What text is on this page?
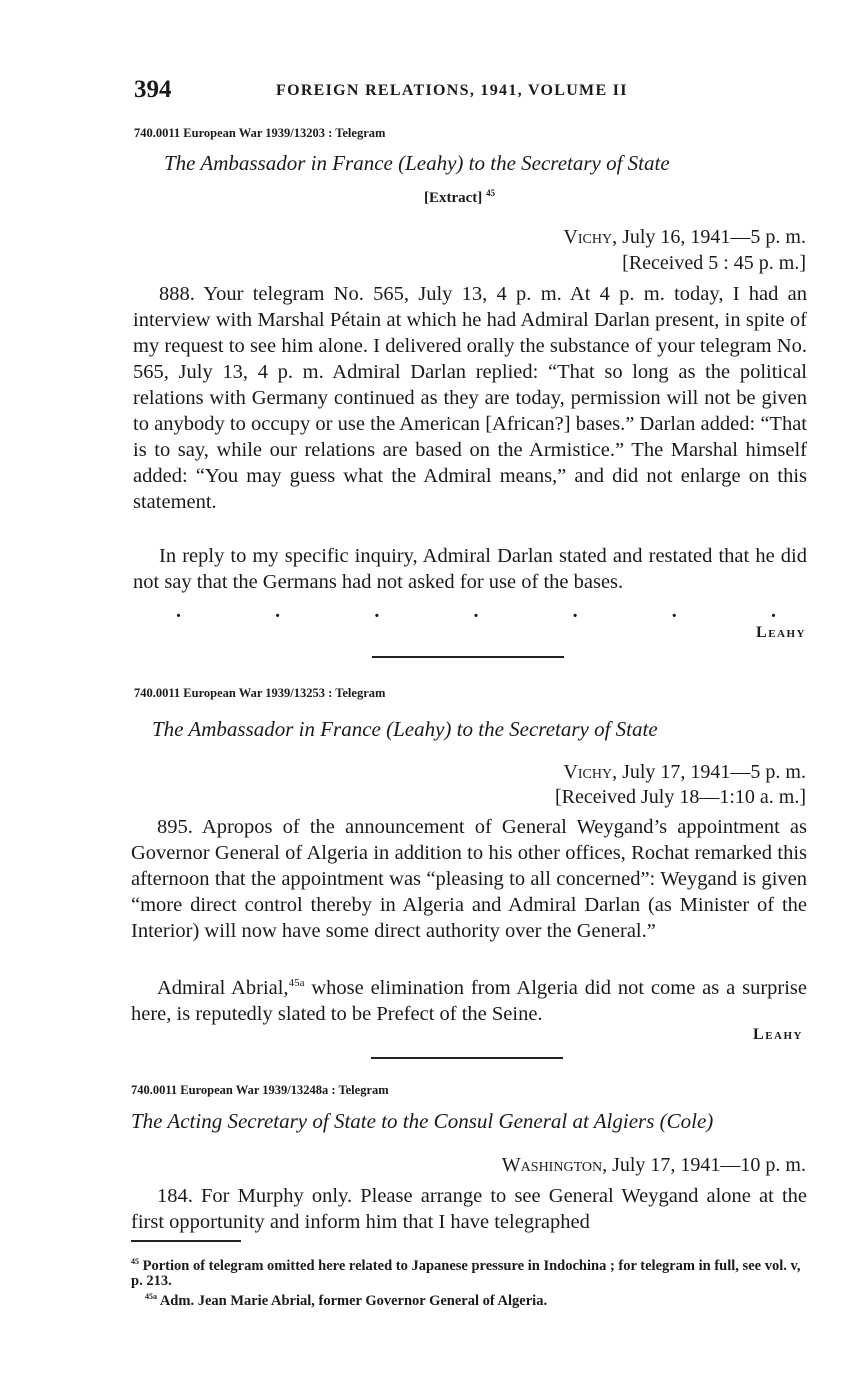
394	FOREIGN RELATIONS, 1941, VOLUME II
740.0011 European War 1939/13203 : Telegram
The Ambassador in France (Leahy) to the Secretary of State
[Extract] $^{45}$
Vichy, July 16, 1941—5 p. m.
[Received 5 : 45 p. m.]

888. Your telegram No. 565, July 13, 4 p. m. At 4 p. m. today, I had an interview with Marshal Pétain at which he had Admiral Darlan present, in spite of my request to see him alone. I delivered orally the substance of your telegram No. 565, July 13, 4 p. m. Admiral Darlan replied: “That so long as the political relations with Germany continued as they are today, permission will not be given to anybody to occupy or use the American [African?] bases.” Darlan added: “That is to say, while our relations are based on the Armistice.” The Marshal himself added: “You may guess what the Admiral means,” and did not enlarge on this statement.

In reply to my specific inquiry, Admiral Darlan stated and restated that he did not say that the Germans had not asked for use of the bases.

.	.	.	.	.	.	.
Leahy
740.0011 European War 1939/13253 : Telegram
The Ambassador in France (Leahy) to the Secretary of State
Vichy, July 17, 1941—5 p. m.
[Received July 18—1:10 a. m.]

895. Apropos of the announcement of General Weygand’s appointment as Governor General of Algeria in addition to his other offices, Rochat remarked this afternoon that the appointment was “pleasing to all concerned”: Weygand is given “more direct control thereby in Algeria and Admiral Darlan (as Minister of the Interior) will now have some direct authority over the General.”

Admiral Abrial,$^{45a}$ whose elimination from Algeria did not come as a surprise here, is reputedly slated to be Prefect of the Seine.

Leahy
740.0011 European War 1939/13248a : Telegram
The Acting Secretary of State to the Consul General at Algiers (Cole)
Washington, July 17, 1941—10 p. m.

184. For Murphy only. Please arrange to see General Weygand alone at the first opportunity and inform him that I have telegraphed

$^{45}$ Portion of telegram omitted here related to Japanese pressure in Indochina ; for telegram in full, see vol. v, p. 213.
$^{45a}$ Adm. Jean Marie Abrial, former Governor General of Algeria.
